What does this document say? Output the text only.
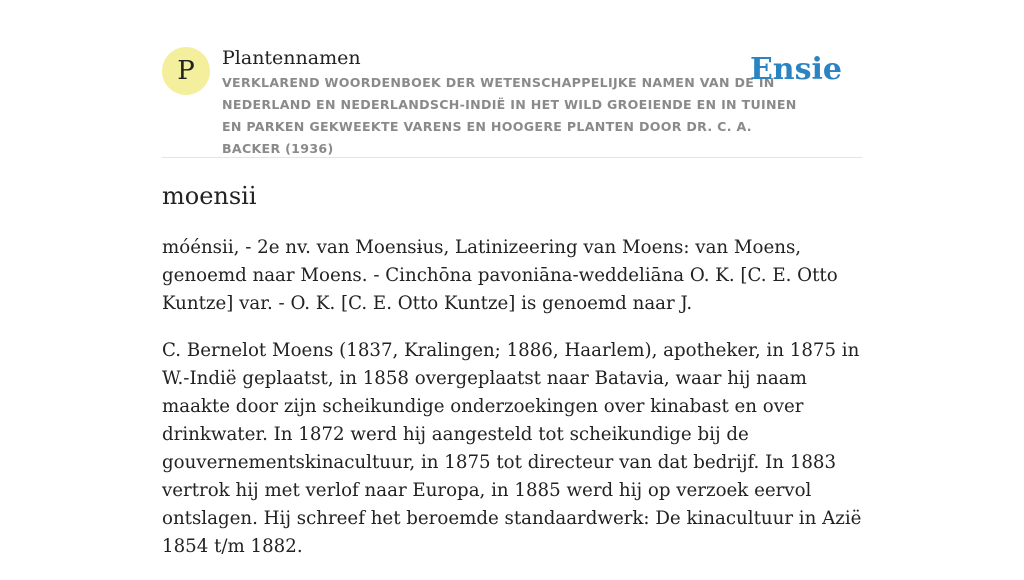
P	Plantennamen
VERKLAREND WOORDENBOEK DER WETENSCHAPPELIJKE NAMEN VAN DE IN NEDERLAND EN NEDERLANDSCH-INDIË IN HET WILD GROEIENDE EN IN TUINEN EN PARKEN GEKWEEKTE VARENS EN HOOGERE PLANTEN DOOR DR. C. A. BACKER (1936)
Ensie
moensii

móénsii, - 2e nv. van Moensɨus, Latinizeering van Moens: van Moens, genoemd naar Moens. - Cinchōna pavoniāna-weddeliāna O. K. [C. E. Otto Kuntze] var. - O. K. [C. E. Otto Kuntze] is genoemd naar J.

C. Bernelot Moens (1837, Kralingen; 1886, Haarlem), apotheker, in 1875 in W.-Indië geplaatst, in 1858 overgeplaatst naar Batavia, waar hij naam maakte door zijn scheikundige onderzoekingen over kinabast en over drinkwater. In 1872 werd hij aangesteld tot scheikundige bij de gouvernementskinacultuur, in 1875 tot directeur van dat bedrijf. In 1883 vertrok hij met verlof naar Europa, in 1885 werd hij op verzoek eervol ontslagen. Hij schreef het beroemde standaardwerk: De kinacultuur in Azië 1854 t/m 1882.
